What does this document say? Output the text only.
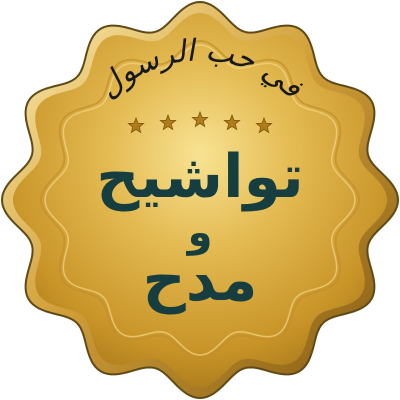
في حب الرسول
تواشيح
و
مدح
